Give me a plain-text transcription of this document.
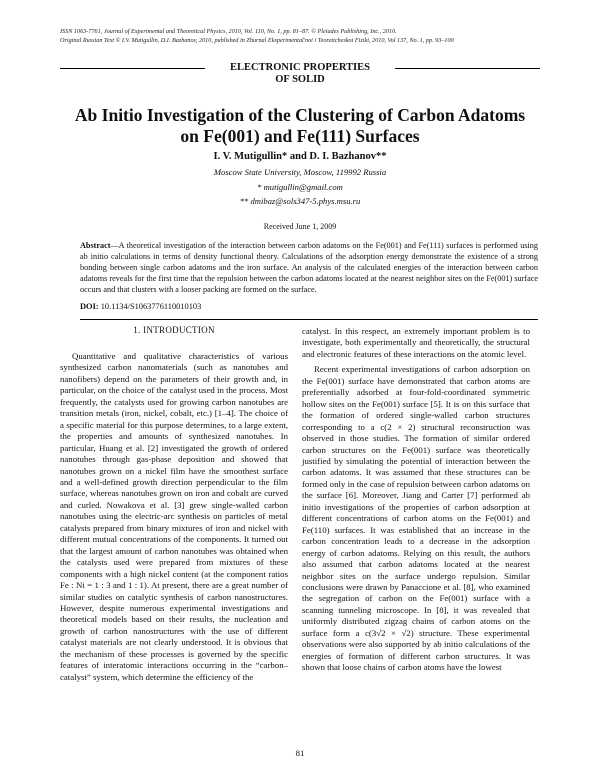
ISSN 1063-7761, Journal of Experimental and Theoretical Physics, 2010, Vol. 110, No. 1, pp. 81–87. © Pleiades Publishing, Inc., 2010.
Original Russian Text © I.V. Mutigullin, D.I. Bazhanov, 2010, published in Zhurnal Eksperimental'noi i Teoreticheskoi Fiziki, 2010, Vol 137, No. 1, pp. 93–100
ELECTRONIC PROPERTIES
OF SOLID
Ab Initio Investigation of the Clustering of Carbon Adatoms
on Fe(001) and Fe(111) Surfaces
I. V. Mutigullin* and D. I. Bazhanov**
Moscow State University, Moscow, 119992 Russia
* mutigullin@gmail.com
** dmibaz@sols347-5.phys.msu.ru
Received June 1, 2009
Abstract—A theoretical investigation of the interaction between carbon adatoms on the Fe(001) and Fe(111) surfaces is performed using ab initio calculations in terms of density functional theory. Calculations of the adsorption energy demonstrate the existence of a strong bonding between single carbon adatoms and the iron surface. An analysis of the calculated energies of the interaction between carbon adatoms reveals for the first time that the repulsion between the carbon adatoms located at the nearest neighbor sites on the Fe(001) surface occurs and that clusters with a looser packing are formed on the surface.
DOI: 10.1134/S1063776110010103
1. INTRODUCTION

Quantitative and qualitative characteristics of various synthesized carbon nanomaterials (such as nanotubes and nanofibers) depend on the parameters of their growth and, in particular, on the choice of the catalyst used in the process. Most frequently, the catalysts used for growing carbon nanotubes are transition metals (iron, nickel, cobalt, etc.) [1–4]. The choice of a specific material for this purpose determines, to a large extent, the properties and amounts of synthesized nanotubes. In particular, Huang et al. [2] investigated the growth of ordered nanotubes through gas-phase deposition and showed that nanotubes grown on a nickel film have the smoothest surface and a well-defined growth direction perpendicular to the film surface, whereas nanotubes grown on iron and cobalt are curved and curled. Nowakova et al. [3] grew single-walled carbon nanotubes using the electric-arc synthesis on particles of metal catalysts prepared from binary mixtures of iron and nickel with different mutual concentrations of the components. It turned out that the largest amount of carbon nanotubes was obtained when the catalysts used were prepared from mixtures of these components with a high nickel content (at the component ratios Fe : Ni = 1 : 3 and 1 : 1). At present, there are a great number of similar studies on catalytic synthesis of carbon nanostructures. However, despite numerous experimental investigations and theoretical models based on their results, the nucleation and growth of carbon nanostructures with the use of different catalyst materials are not clearly understood. It is obvious that the mechanism of these processes is governed by the specific features of interatomic interactions occurring in the “carbon–catalyst” system, which determine the efficiency of the

catalyst. In this respect, an extremely important problem is to investigate, both experimentally and theoretically, the structural and electronic features of these interactions on the atomic level.

Recent experimental investigations of carbon adsorption on the Fe(001) surface have demonstrated that carbon atoms are preferentially adsorbed at four-fold-coordinated symmetric hollow sites on the Fe(001) surface [5]. It is on this surface that the formation of ordered single-walled carbon structures corresponding to a c(2 × 2) structural reconstruction was observed in those studies. The formation of similar ordered carbon structures on the Fe(001) surface was theoretically justified by simulating the potential of interaction between the carbon adatoms. It was assumed that these structures can be formed only in the case of repulsion between carbon adatoms on the surface [6]. Moreover, Jiang and Carter [7] performed ab initio investigations of the properties of carbon adsorption at different concentrations of carbon atoms on the Fe(001) and Fe(110) surfaces. It was established that an increase in the carbon concentration leads to a decrease in the adsorption energy of carbon adatoms. Relying on this result, the authors also assumed that carbon adatoms located at the nearest neighbor sites on the surface undergo repulsion. Similar conclusions were drawn by Panaccione et al. [8], who examined the segregation of carbon on the Fe(001) surface with a scanning tunneling microscope. In [8], it was revealed that uniformly distributed zigzag chains of carbon atoms on the surface form a c(3√2 × √2) structure. These experimental observations were also supported by ab initio calculations of the energies of formation of different carbon structures. It was shown that loose chains of carbon atoms have the lowest

81
